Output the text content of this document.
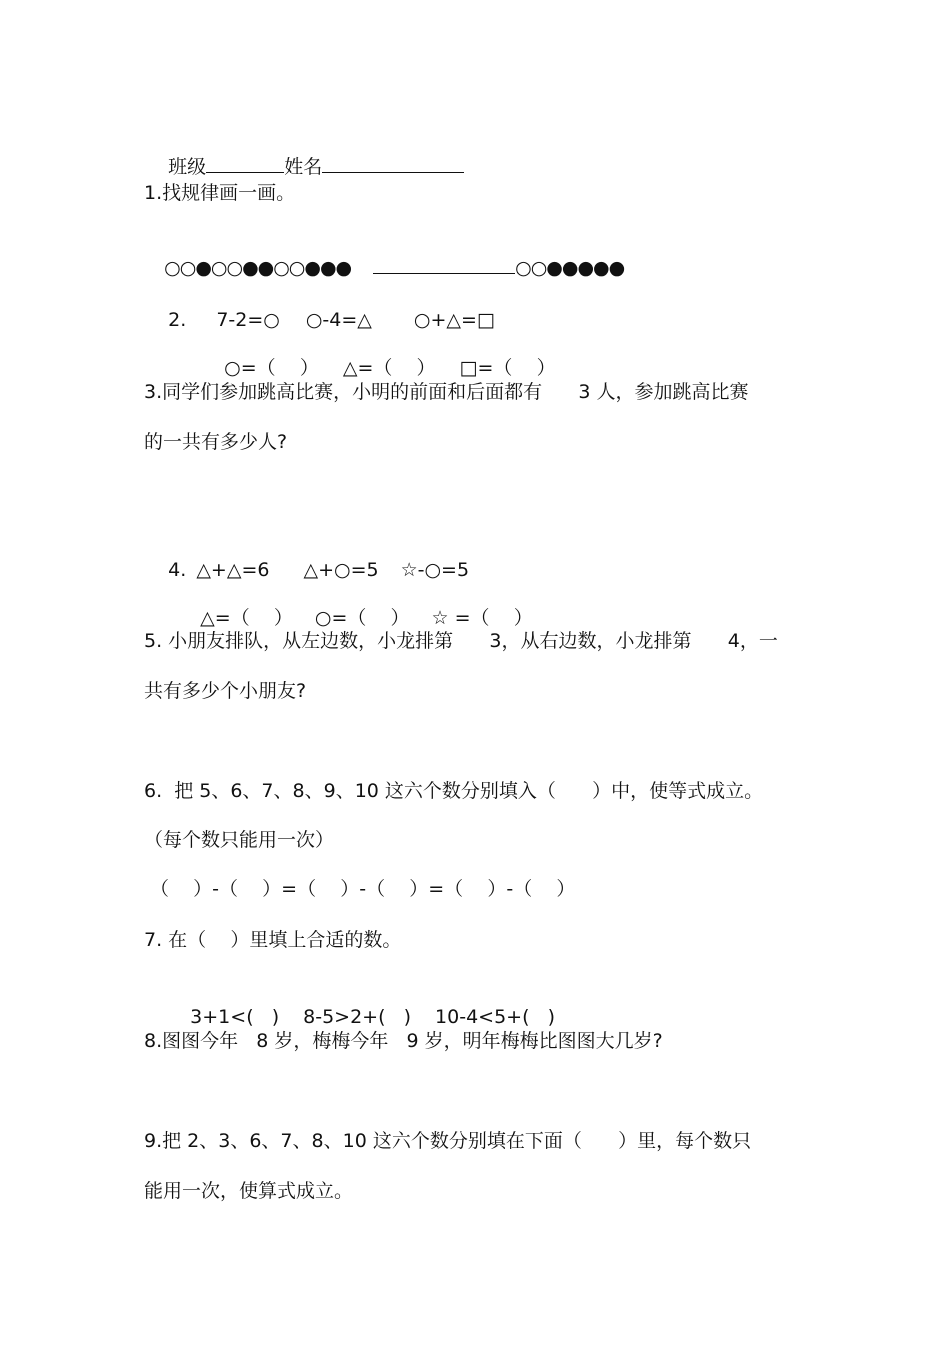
班级	姓名

1.找规律画一画。

○○●○○●●○○●●●	○○●●●●●

2. 7-2=○ ○-4=△ ○+△=□

○=（    ） △=（    ） □=（    ）

3.同学们参加跳高比赛，小明的前面和后面都有      3 人，参加跳高比赛
的一共有多少人?

4. △+△=6 △+○=5 ☆-○=5

△=（    ） ○=（    ） ☆ =（    ）

5. 小朋友排队，从左边数，小龙排第      3，从右边数，小龙排第      4，一
共有多少个小朋友?
6.  把 5、6、7、8、9、10 这六个数分别填入（      ）中，使等式成立。
（每个数只能用一次）
（    ）-（    ）=（    ）-（    ）=（    ）-（    ）
7. 在（    ）里填上合适的数。

3+1<(   ) 8-5>2+(   ) 10-4<5+(   )

8.图图今年   8 岁，梅梅今年   9 岁，明年梅梅比图图大几岁?
9.把 2、3、6、7、8、10 这六个数分别填在下面（      ）里，每个数只
能用一次，使算式成立。
